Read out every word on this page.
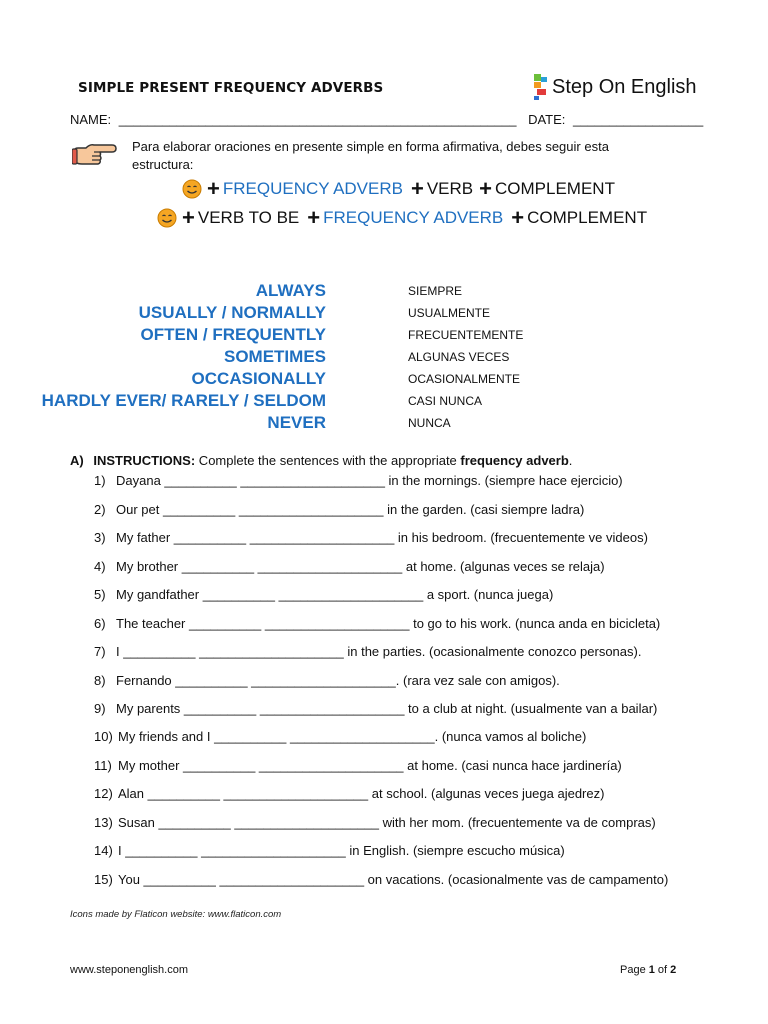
SIMPLE PRESENT FREQUENCY ADVERBS	Step On English
NAME: _______________________________________________________ DATE: __________________
Para elaborar oraciones en presente simple en forma afirmativa, debes seguir esta
estructura:
+ FREQUENCY ADVERB + VERB + COMPLEMENT
+ VERB TO BE + FREQUENCY ADVERB + COMPLEMENT
ALWAYS	SIEMPRE
USUALLY / NORMALLY	USUALMENTE
OFTEN / FREQUENTLY	FRECUENTEMENTE
SOMETIMES	ALGUNAS VECES
OCCASIONALLY	OCASIONALMENTE
HARDLY EVER/ RARELY / SELDOM	CASI NUNCA
NEVER	NUNCA
A) INSTRUCTIONS: Complete the sentences with the appropriate frequency adverb.
1) Dayana __________ ____________________ in the mornings. (siempre hace ejercicio)
2) Our pet __________ ____________________ in the garden. (casi siempre ladra)
3) My father __________ ____________________ in his bedroom. (frecuentemente ve videos)
4) My brother __________ ____________________ at home. (algunas veces se relaja)
5) My gandfather __________ ____________________ a sport. (nunca juega)
6) The teacher __________ ____________________ to go to his work. (nunca anda en bicicleta)
7) I __________ ____________________ in the parties. (ocasionalmente conozco personas).
8) Fernando __________ ____________________. (rara vez sale con amigos).
9) My parents __________ ____________________ to a club at night. (usualmente van a bailar)
10) My friends and I __________ ____________________. (nunca vamos al boliche)
11) My mother __________ ____________________ at home. (casi nunca hace jardinería)
12) Alan __________ ____________________ at school. (algunas veces juega ajedrez)
13) Susan __________ ____________________ with her mom. (frecuentemente va de compras)
14) I __________ ____________________ in English. (siempre escucho música)
15) You __________ ____________________ on vacations. (ocasionalmente vas de campamento)
Icons made by Flaticon website: www.flaticon.com
www.steponenglish.com	Page 1 of 2
